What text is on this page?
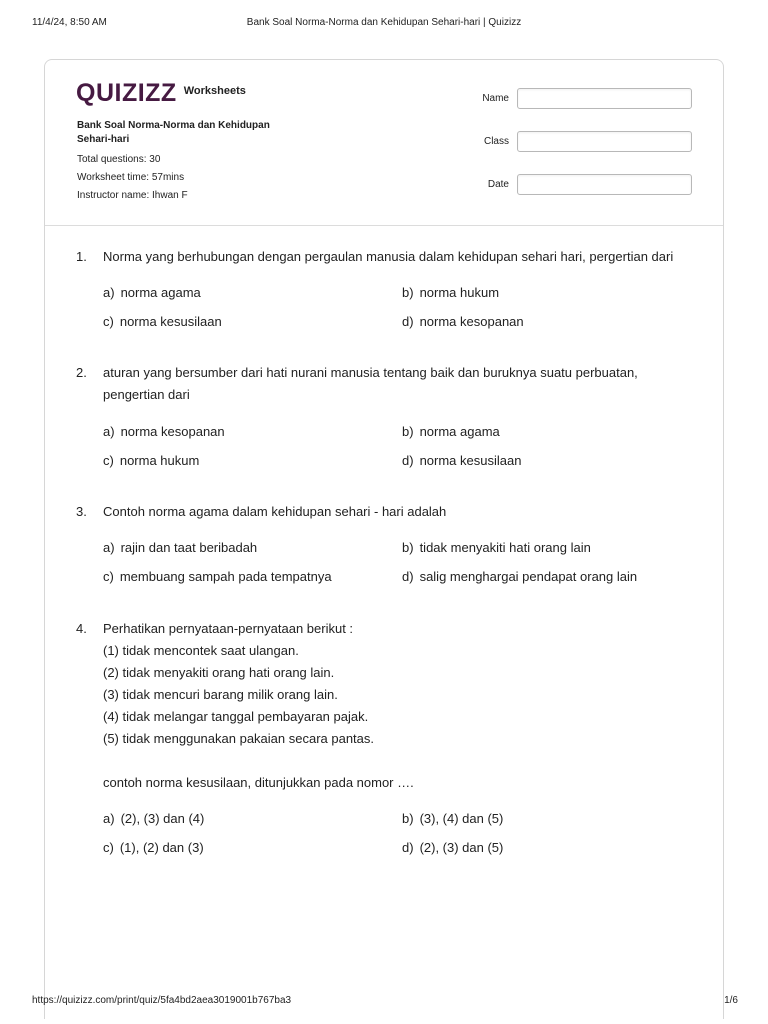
11/4/24, 8:50 AM	Bank Soal Norma-Norma dan Kehidupan Sehari-hari | Quizizz
QUIZIZZ Worksheets
Bank Soal Norma-Norma dan Kehidupan
Sehari-hari
Total questions: 30
Worksheet time: 57mins
Instructor name: Ihwan F
Name
Class
Date
1.	Norma yang berhubungan dengan pergaulan manusia dalam kehidupan sehari hari, pergertian dari
a) norma agama	b) norma hukum
c) norma kesusilaan	d) norma kesopanan
2.	aturan yang bersumber dari hati nurani manusia tentang baik dan buruknya suatu perbuatan,
pengertian dari
a) norma kesopanan	b) norma agama
c) norma hukum	d) norma kesusilaan
3.	Contoh norma agama dalam kehidupan sehari - hari adalah
a) rajin dan taat beribadah	b) tidak menyakiti hati orang lain
c) membuang sampah pada tempatnya	d) salig menghargai pendapat orang lain
4.	Perhatikan pernyataan-pernyataan berikut :
(1) tidak mencontek saat ulangan.
(2) tidak menyakiti orang hati orang lain.
(3) tidak mencuri barang milik orang lain.
(4) tidak melangar tanggal pembayaran pajak.
(5) tidak menggunakan pakaian secara pantas.
contoh norma kesusilaan, ditunjukkan pada nomor ….
a) (2), (3) dan (4)	b) (3), (4) dan (5)
c) (1), (2) dan (3)	d) (2), (3) dan (5)
https://quizizz.com/print/quiz/5fa4bd2aea3019001b767ba3	1/6
